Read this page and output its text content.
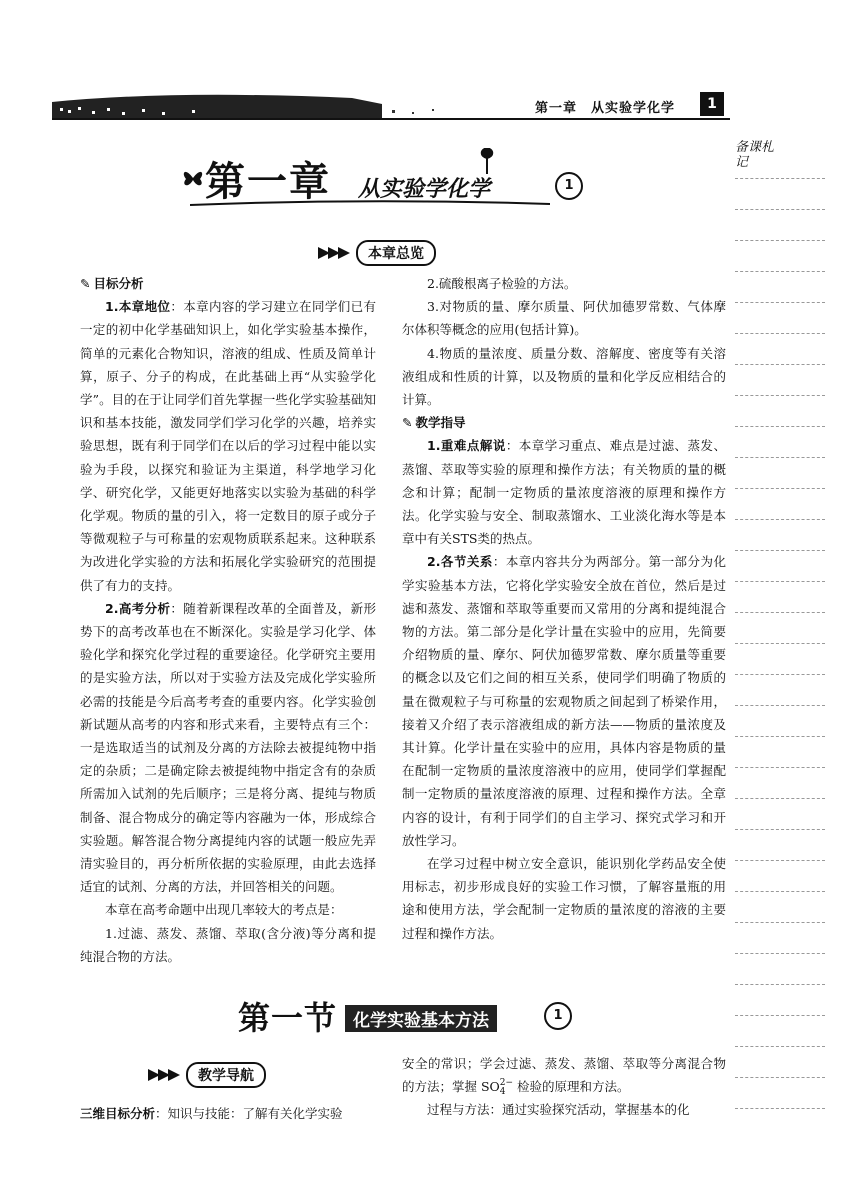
第一章　从实验学化学	1
备课札记
第一章 从实验学化学	1
本章总览
✎ 目标分析

1.本章地位：本章内容的学习建立在同学们已有一定的初中化学基础知识上，如化学实验基本操作，简单的元素化合物知识，溶液的组成、性质及简单计算，原子、分子的构成，在此基础上再“从实验学化学”。目的在于让同学们首先掌握一些化学实验基础知识和基本技能，激发同学们学习化学的兴趣，培养实验思想，既有利于同学们在以后的学习过程中能以实验为手段，以探究和验证为主渠道，科学地学习化学、研究化学，又能更好地落实以实验为基础的科学化学观。物质的量的引入，将一定数目的原子或分子等微观粒子与可称量的宏观物质联系起来。这种联系为改进化学实验的方法和拓展化学实验研究的范围提供了有力的支持。

2.高考分析：随着新课程改革的全面普及，新形势下的高考改革也在不断深化。实验是学习化学、体验化学和探究化学过程的重要途径。化学研究主要用的是实验方法，所以对于实验方法及完成化学实验所必需的技能是今后高考考查的重要内容。化学实验创新试题从高考的内容和形式来看，主要特点有三个：一是选取适当的试剂及分离的方法除去被提纯物中指定的杂质；二是确定除去被提纯物中指定含有的杂质所需加入试剂的先后顺序；三是将分离、提纯与物质制备、混合物成分的确定等内容融为一体，形成综合实验题。解答混合物分离提纯内容的试题一般应先弄清实验目的，再分析所依据的实验原理，由此去选择适宜的试剂、分离的方法，并回答相关的问题。

本章在高考命题中出现几率较大的考点是：

1.过滤、蒸发、蒸馏、萃取(含分液)等分离和提纯混合物的方法。

2.硫酸根离子检验的方法。

3.对物质的量、摩尔质量、阿伏加德罗常数、气体摩尔体积等概念的应用(包括计算)。

4.物质的量浓度、质量分数、溶解度、密度等有关溶液组成和性质的计算，以及物质的量和化学反应相结合的计算。

✎ 教学指导

1.重难点解说：本章学习重点、难点是过滤、蒸发、蒸馏、萃取等实验的原理和操作方法；有关物质的量的概念和计算；配制一定物质的量浓度溶液的原理和操作方法。化学实验与安全、制取蒸馏水、工业淡化海水等是本章中有关STS类的热点。

2.各节关系：本章内容共分为两部分。第一部分为化学实验基本方法，它将化学实验安全放在首位，然后是过滤和蒸发、蒸馏和萃取等重要而又常用的分离和提纯混合物的方法。第二部分是化学计量在实验中的应用，先简要介绍物质的量、摩尔、阿伏加德罗常数、摩尔质量等重要的概念以及它们之间的相互关系，使同学们明确了物质的量在微观粒子与可称量的宏观物质之间起到了桥梁作用，接着又介绍了表示溶液组成的新方法——物质的量浓度及其计算。化学计量在实验中的应用，具体内容是物质的量在配制一定物质的量浓度溶液中的应用，使同学们掌握配制一定物质的量浓度溶液的原理、过程和操作方法。全章内容的设计，有利于同学们的自主学习、探究式学习和开放性学习。

在学习过程中树立安全意识，能识别化学药品安全使用标志，初步形成良好的实验工作习惯，了解容量瓶的用途和使用方法，学会配制一定物质的量浓度的溶液的主要过程和操作方法。

第一节 化学实验基本方法	1
教学导航

三维目标分析：知识与技能：了解有关化学实验

安全的常识；学会过滤、蒸发、蒸馏、萃取等分离混合物的方法；掌握 SO 2−
4 检验的原理和方法。

过程与方法：通过实验探究活动，掌握基本的化
